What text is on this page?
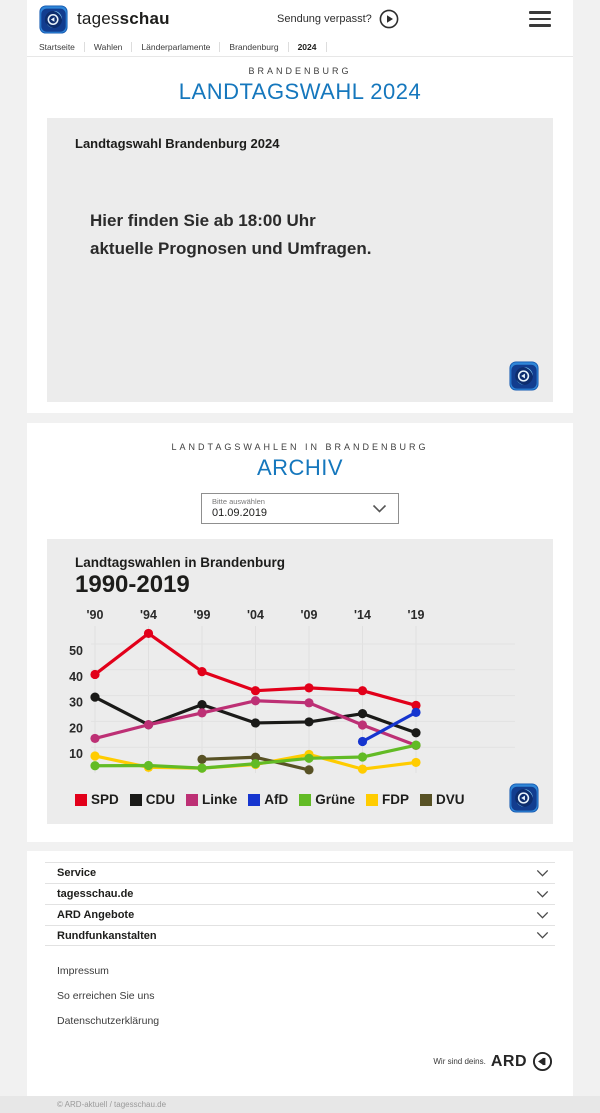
tagesschau	Sendung verpasst?
Startseite	Wahlen	Länderparlamente	Brandenburg	2024
BRANDENBURG
LANDTAGSWAHL 2024
Landtagswahl Brandenburg 2024
Hier finden Sie ab 18:00 Uhr
aktuelle Prognosen und Umfragen.
LANDTAGSWAHLEN IN BRANDENBURG
ARCHIV
Bitte auswählen
01.09.2019
Landtagswahlen in Brandenburg
1990-2019
10
20
30
40
50
'90	'94	'99	'04	'09	'14	'19
SPD CDU Linke AfD Grüne FDP DVU
Service
tagesschau.de
ARD Angebote
Rundfunkanstalten
Impressum
So erreichen Sie uns
Datenschutzerklärung
Wir sind deins. ARD
© ARD-aktuell / tagesschau.de
